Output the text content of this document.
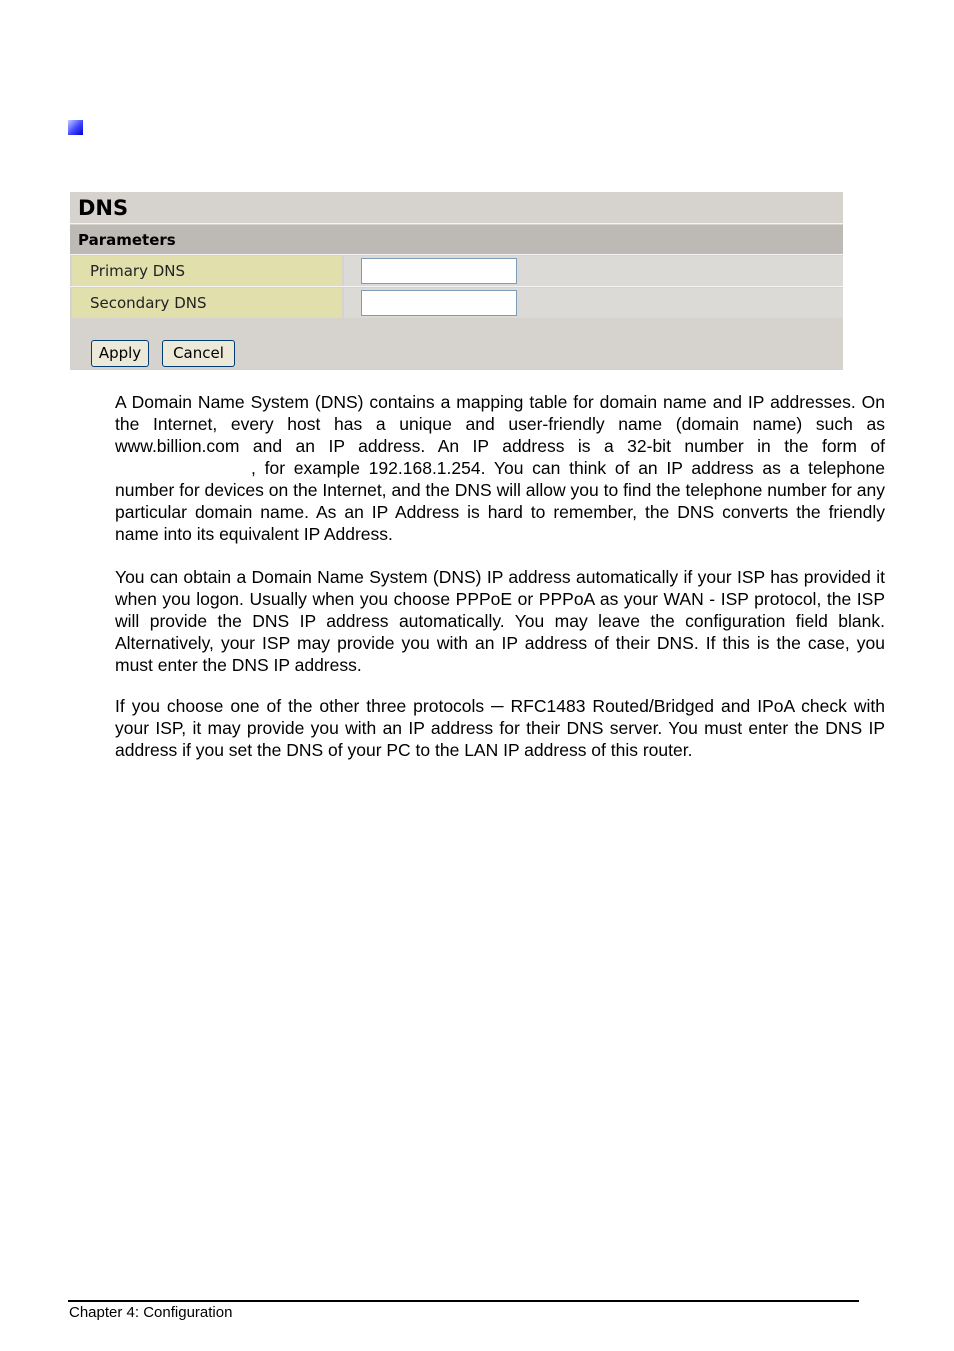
DNS
Parameters
Primary DNS
Secondary DNS
Apply	Cancel

A Domain Name System (DNS) contains a mapping table for domain name and IP addresses. On the Internet, every host has a unique and user-friendly name (domain name) such as www.billion.com and an IP address. An IP address is a 32-bit number in the form of, for example 192.168.1.254. You can think of an IP address as a telephone number for devices on the Internet, and the DNS will allow you to find the telephone number for any particular domain name. As an IP Address is hard to remember, the DNS converts the friendly name into its equivalent IP Address.

You can obtain a Domain Name System (DNS) IP address automatically if your ISP has provided it when you logon. Usually when you choose PPPoE or PPPoA as your WAN - ISP protocol, the ISP will provide the DNS IP address automatically. You may leave the configuration field blank. Alternatively, your ISP may provide you with an IP address of their DNS. If this is the case, you must enter the DNS IP address.

If you choose one of the other three protocols ─ RFC1483 Routed/Bridged and IPoA check with your ISP, it may provide you with an IP address for their DNS server. You must enter the DNS IP address if you set the DNS of your PC to the LAN IP address of this router.

Chapter 4: Configuration
